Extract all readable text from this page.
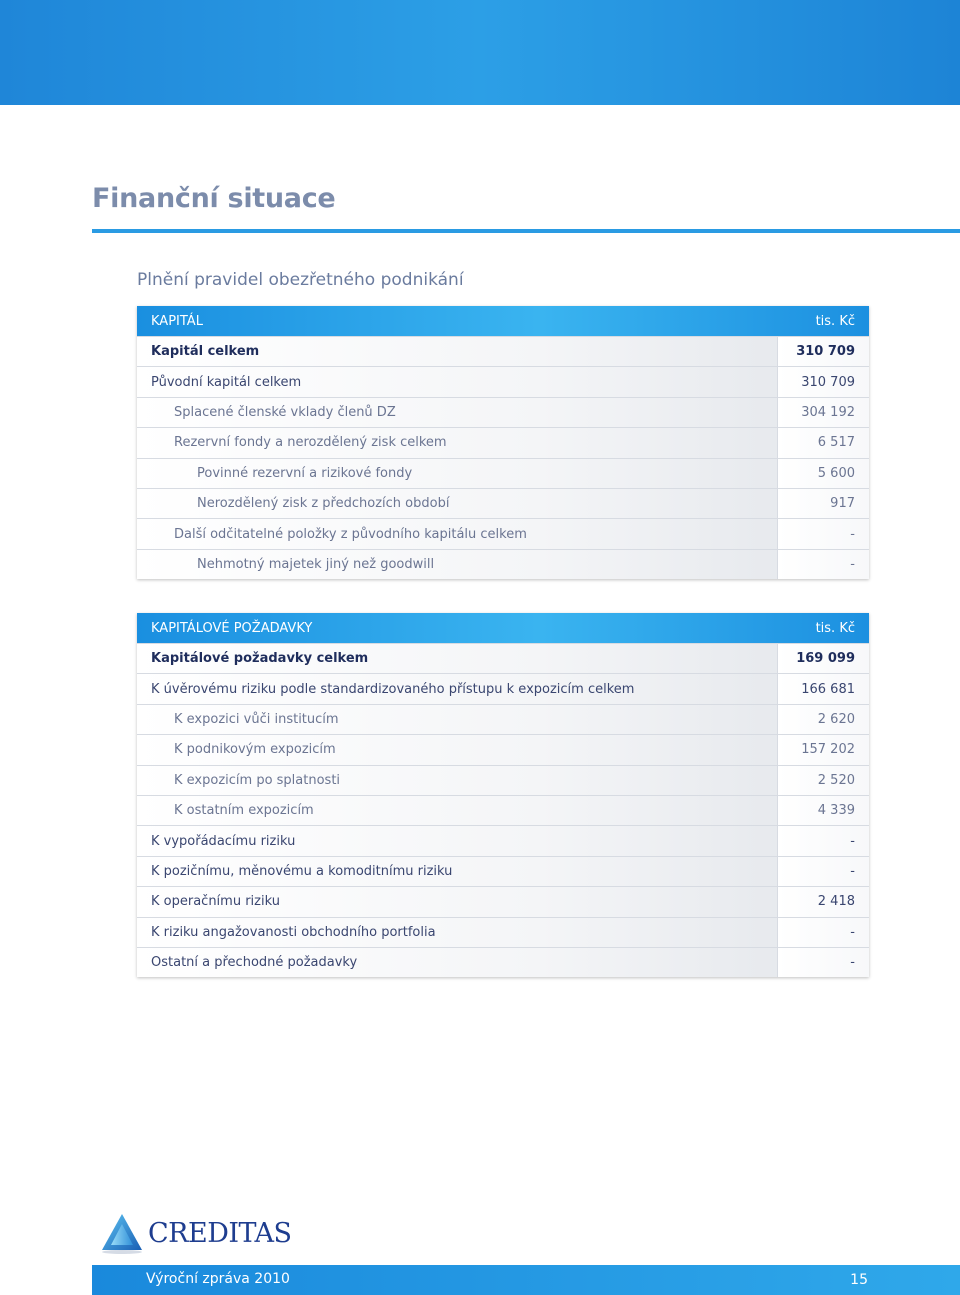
Finanční situace
Plnění pravidel obezřetného podnikání
KAPITÁL	tis. Kč
Kapitál celkem	310 709
Původní kapitál celkem	310 709
Splacené členské vklady členů DZ	304 192
Rezervní fondy a nerozdělený zisk celkem	6 517
Povinné rezervní a rizikové fondy	5 600
Nerozdělený zisk z předchozích období	917
Další odčitatelné položky z původního kapitálu celkem	-
Nehmotný majetek jiný než goodwill	-
KAPITÁLOVÉ POŽADAVKY	tis. Kč
Kapitálové požadavky celkem	169 099
K úvěrovému riziku podle standardizovaného přístupu k expozicím celkem	166 681
K expozici vůči institucím	2 620
K podnikovým expozicím	157 202
K expozicím po splatnosti	2 520
K ostatním expozicím	4 339
K vypořádacímu riziku	-
K pozičnímu, měnovému a komoditnímu riziku	-
K operačnímu riziku	2 418
K riziku angažovanosti obchodního portfolia	-
Ostatní a přechodné požadavky	-
CREDITAS
Výroční zpráva 2010	15
